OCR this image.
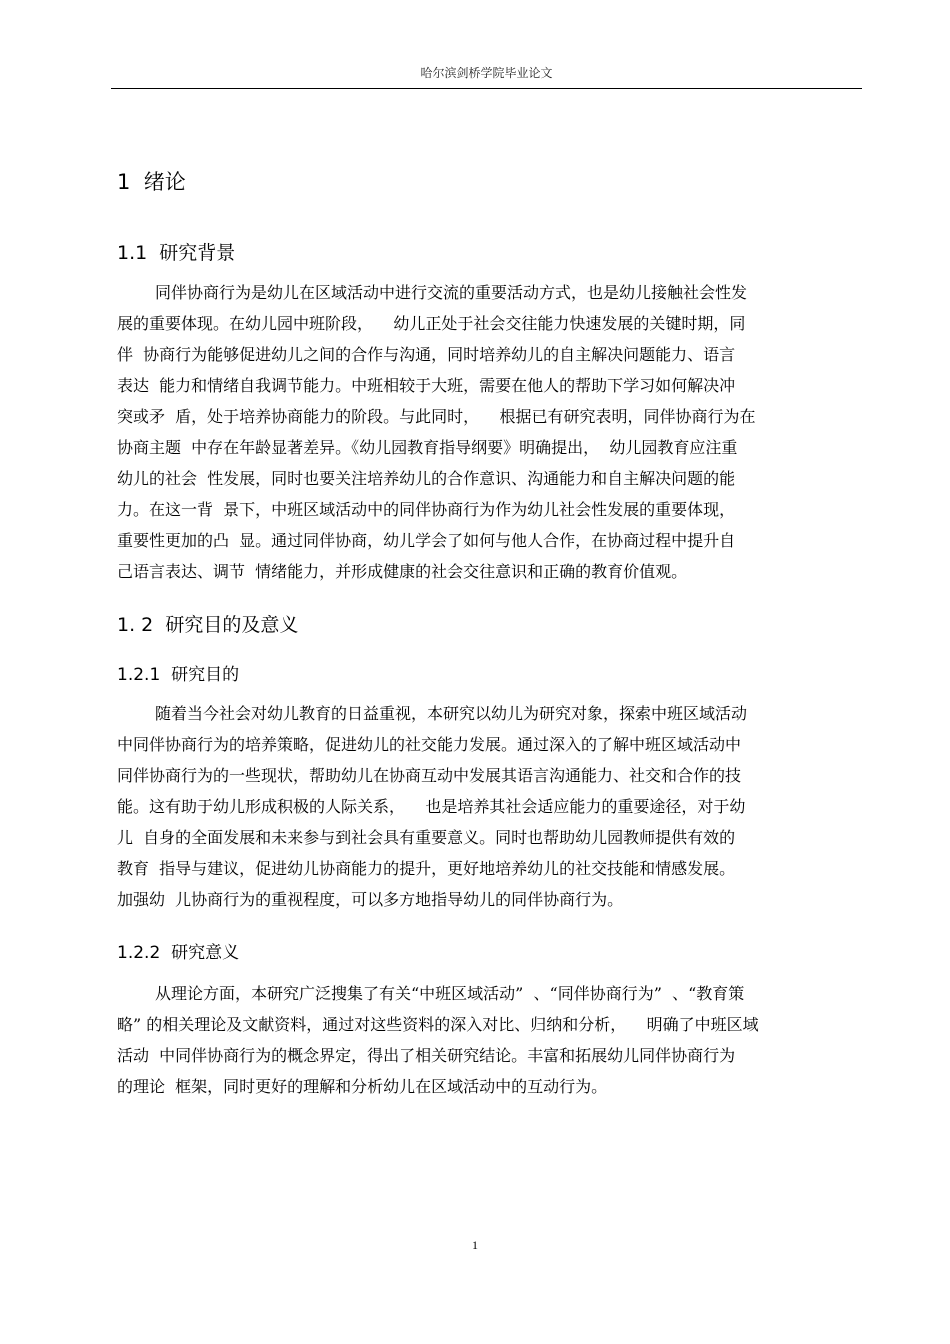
哈尔滨剑桥学院毕业论文
1  绪论
1.1  研究背景
同伴协商行为是幼儿在区域活动中进行交流的重要活动方式，也是幼儿接触社会性发
展的重要体现。在幼儿园中班阶段，    幼儿正处于社会交往能力快速发展的关键时期，同
伴  协商行为能够促进幼儿之间的合作与沟通，同时培养幼儿的自主解决问题能力、语言
表达  能力和情绪自我调节能力。中班相较于大班，需要在他人的帮助下学习如何解决冲
突或矛  盾，处于培养协商能力的阶段。与此同时，    根据已有研究表明，同伴协商行为在
协商主题  中存在年龄显著差异。《幼儿园教育指导纲要》明确提出，  幼儿园教育应注重
幼儿的社会  性发展，同时也要关注培养幼儿的合作意识、沟通能力和自主解决问题的能
力。在这一背  景下，中班区域活动中的同伴协商行为作为幼儿社会性发展的重要体现，
重要性更加的凸  显。通过同伴协商，幼儿学会了如何与他人合作，在协商过程中提升自
己语言表达、调节  情绪能力，并形成健康的社会交往意识和正确的教育价值观。
1. 2  研究目的及意义
1.2.1  研究目的
随着当今社会对幼儿教育的日益重视，本研究以幼儿为研究对象，探索中班区域活动
中同伴协商行为的培养策略，促进幼儿的社交能力发展。通过深入的了解中班区域活动中
同伴协商行为的一些现状，帮助幼儿在协商互动中发展其语言沟通能力、社交和合作的技
能。这有助于幼儿形成积极的人际关系，    也是培养其社会适应能力的重要途径，对于幼
儿  自身的全面发展和未来参与到社会具有重要意义。同时也帮助幼儿园教师提供有效的
教育  指导与建议，促进幼儿协商能力的提升，更好地培养幼儿的社交技能和情感发展。
加强幼  儿协商行为的重视程度，可以多方地指导幼儿的同伴协商行为。
1.2.2  研究意义
从理论方面，本研究广泛搜集了有关“中班区域活动”  、“同伴协商行为”  、“教育策
略” 的相关理论及文献资料，通过对这些资料的深入对比、归纳和分析，    明确了中班区域
活动  中同伴协商行为的概念界定，得出了相关研究结论。丰富和拓展幼儿同伴协商行为
的理论  框架，同时更好的理解和分析幼儿在区域活动中的互动行为。
1
